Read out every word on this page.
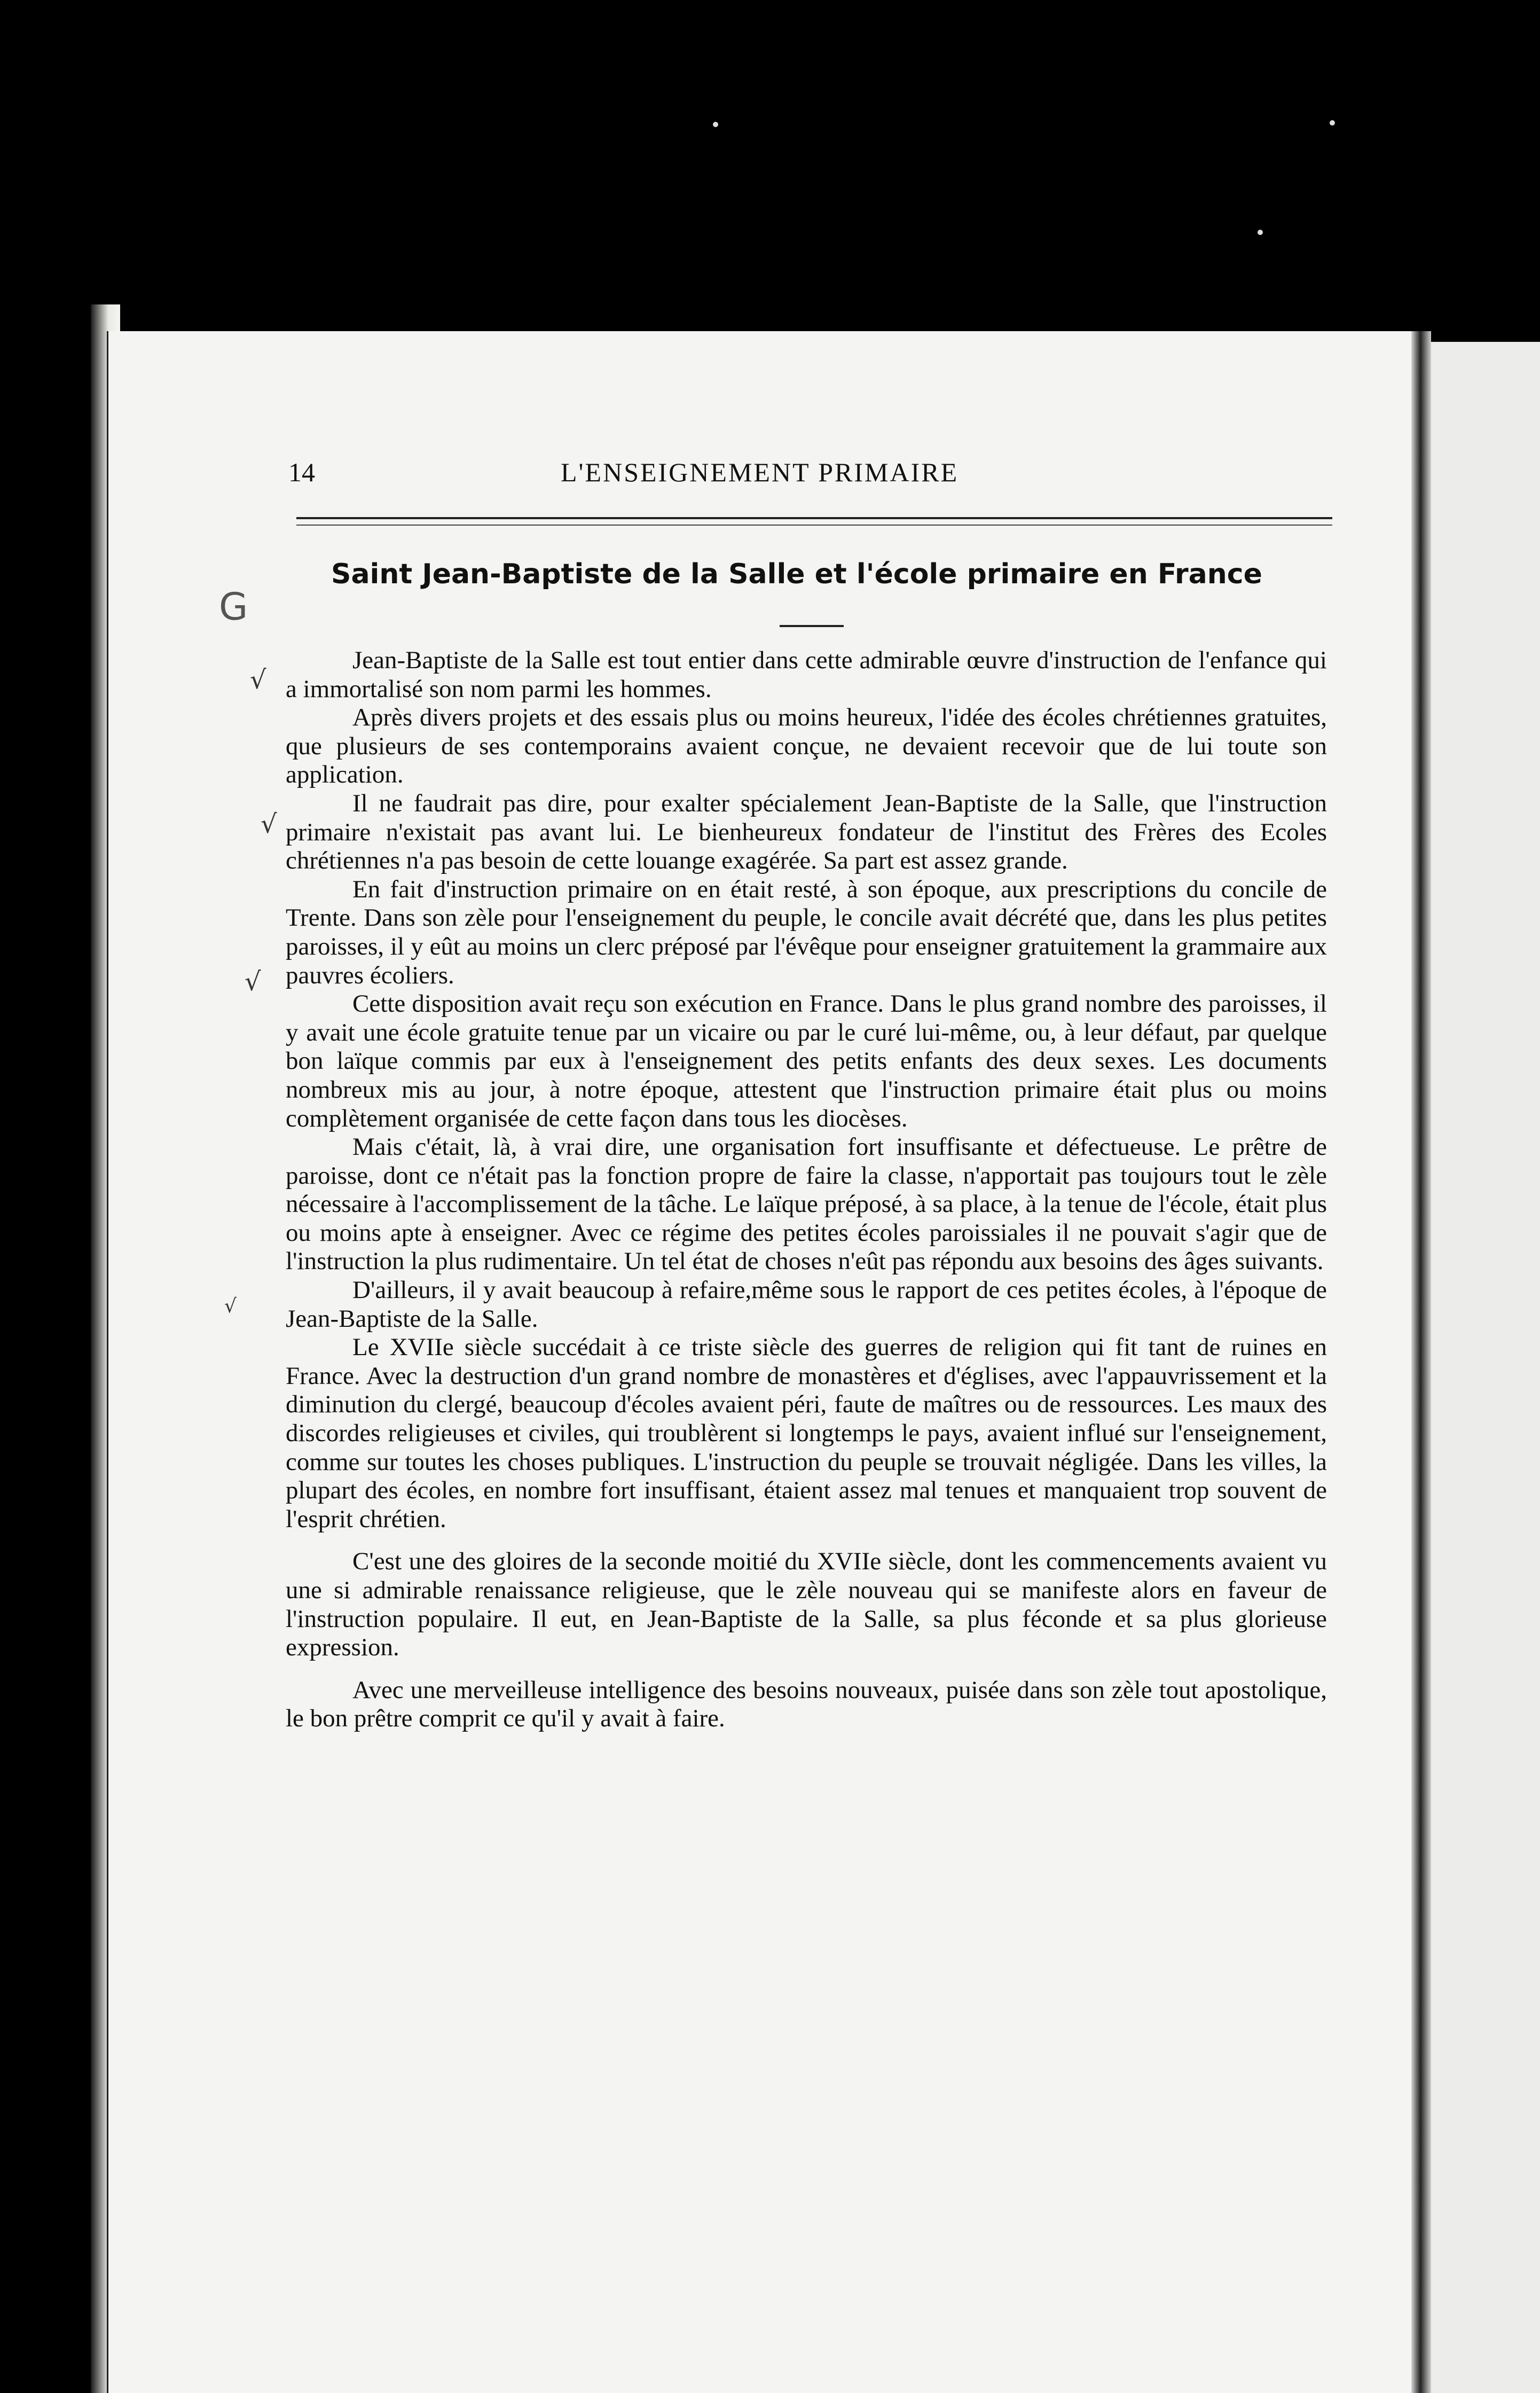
14	L'ENSEIGNEMENT PRIMAIRE
Saint Jean-Baptiste de la Salle et l'école primaire en France
G
√
√
√
√

Jean-Baptiste de la Salle est tout entier dans cette admirable œuvre d'instruction de l'enfance qui a immortalisé son nom parmi les hommes.

Après divers projets et des essais plus ou moins heureux, l'idée des écoles chrétiennes gratuites, que plusieurs de ses contemporains avaient conçue, ne devaient recevoir que de lui toute son application.

Il ne faudrait pas dire, pour exalter spécialement Jean-Baptiste de la Salle, que l'instruction primaire n'existait pas avant lui. Le bienheureux fondateur de l'institut des Frères des Ecoles chrétiennes n'a pas besoin de cette louange exagérée. Sa part est assez grande.

En fait d'instruction primaire on en était resté, à son époque, aux prescriptions du concile de Trente. Dans son zèle pour l'enseignement du peuple, le concile avait décrété que, dans les plus petites paroisses, il y eût au moins un clerc préposé par l'évêque pour enseigner gratuitement la grammaire aux pauvres écoliers.

Cette disposition avait reçu son exécution en France. Dans le plus grand nombre des paroisses, il y avait une école gratuite tenue par un vicaire ou par le curé lui-même, ou, à leur défaut, par quelque bon laïque commis par eux à l'enseignement des petits enfants des deux sexes. Les documents nombreux mis au jour, à notre époque, attestent que l'instruction primaire était plus ou moins complètement organisée de cette façon dans tous les diocèses.

Mais c'était, là, à vrai dire, une organisation fort insuffisante et défectueuse. Le prêtre de paroisse, dont ce n'était pas la fonction propre de faire la classe, n'apportait pas toujours tout le zèle nécessaire à l'accomplissement de la tâche. Le laïque préposé, à sa place, à la tenue de l'école, était plus ou moins apte à enseigner. Avec ce régime des petites écoles paroissiales il ne pouvait s'agir que de l'instruction la plus rudimentaire. Un tel état de choses n'eût pas répondu aux besoins des âges suivants.

D'ailleurs, il y avait beaucoup à refaire,même sous le rapport de ces petites écoles, à l'époque de Jean-Baptiste de la Salle.

Le XVIIe siècle succédait à ce triste siècle des guerres de religion qui fit tant de ruines en France. Avec la destruction d'un grand nombre de monastères et d'églises, avec l'appauvrissement et la diminution du clergé, beaucoup d'écoles avaient péri, faute de maîtres ou de ressources. Les maux des discordes religieuses et civiles, qui troublèrent si longtemps le pays, avaient influé sur l'enseignement, comme sur toutes les choses publiques. L'instruction du peuple se trouvait négligée. Dans les villes, la plupart des écoles, en nombre fort insuffisant, étaient assez mal tenues et manquaient trop souvent de l'esprit chrétien.

C'est une des gloires de la seconde moitié du XVIIe siècle, dont les commencements avaient vu une si admirable renaissance religieuse, que le zèle nouveau qui se manifeste alors en faveur de l'instruction populaire. Il eut, en Jean-Baptiste de la Salle, sa plus féconde et sa plus glorieuse expression.

Avec une merveilleuse intelligence des besoins nouveaux, puisée dans son zèle tout apostolique, le bon prêtre comprit ce qu'il y avait à faire.
